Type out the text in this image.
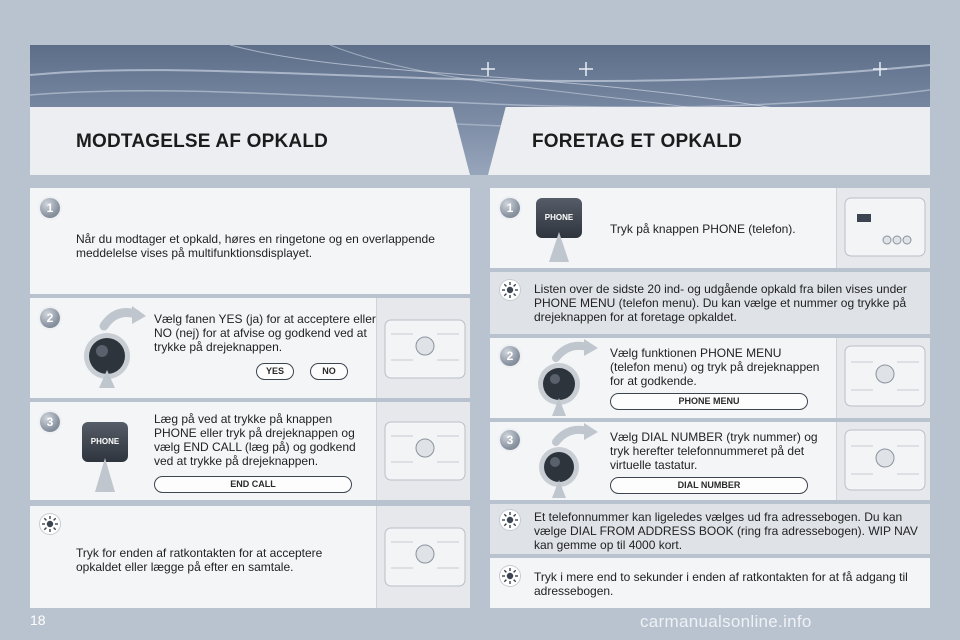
MODTAGELSE AF OPKALD	FORETAG ET OPKALD
1
Når du modtager et opkald, høres en ringetone og en overlappende meddelelse vises på multifunktionsdisplayet.
2	Vælg fanen YES (ja) for at acceptere eller NO (nej) for at afvise og godkend ved at trykke på drejeknappen.
YES	NO
3
PHONE
Læg på ved at trykke på knappen PHONE eller tryk på drejeknappen og vælg END CALL (læg på) og godkend ved at trykke på drejeknappen.
END CALL
Tryk for enden af ratkontakten for at acceptere opkaldet eller lægge på efter en samtale.
1
PHONE
Tryk på knappen PHONE (telefon).
Listen over de sidste 20 ind- og udgående opkald fra bilen vises under PHONE MENU (telefon menu). Du kan vælge et nummer og trykke på drejeknappen for at foretage opkaldet.
2	Vælg funktionen PHONE MENU (telefon menu) og tryk på drejeknappen for at godkende.
PHONE MENU
3	Vælg DIAL NUMBER (tryk nummer) og tryk herefter telefonnummeret på det virtuelle tastatur.
DIAL NUMBER
Et telefonnummer kan ligeledes vælges ud fra adressebogen. Du kan vælge DIAL FROM ADDRESS BOOK (ring fra adressebogen). WIP NAV kan gemme op til 4000 kort.
Tryk i mere end to sekunder i enden af ratkontakten for at få adgang til adressebogen.
18	carmanualsonline.info
